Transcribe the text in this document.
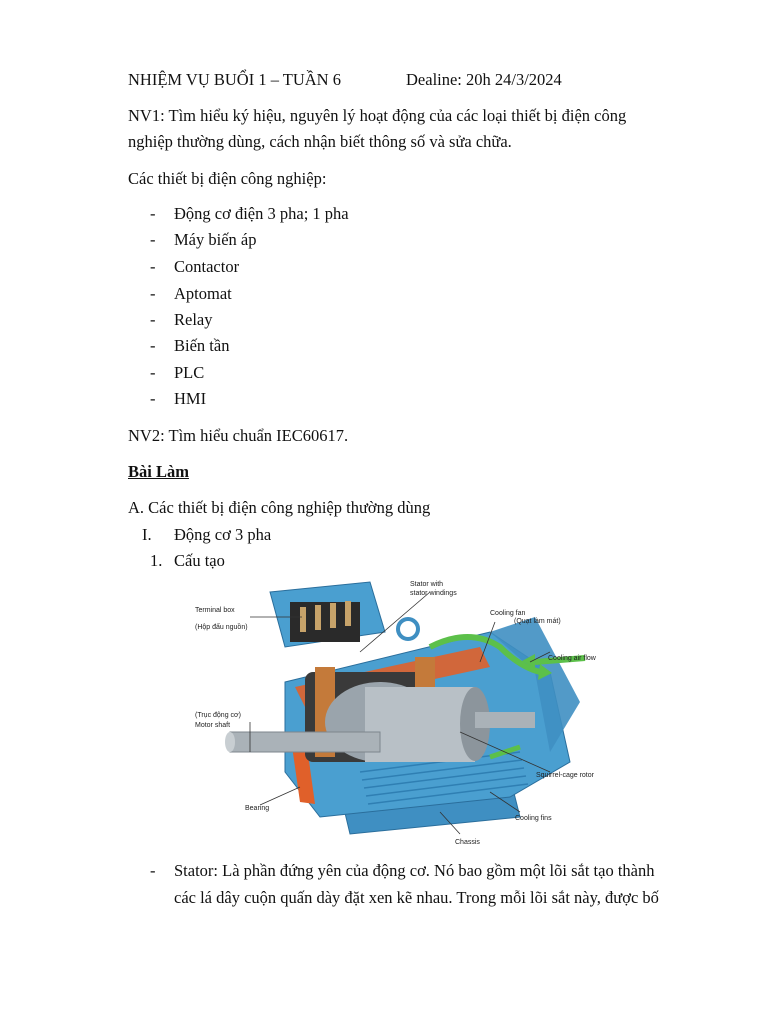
NHIỆM VỤ BUỔI 1 – TUẦN 6	Dealine: 20h 24/3/2024
NV1: Tìm hiểu ký hiệu, nguyên lý hoạt động của các loại thiết bị điện công
nghiệp thường dùng, cách nhận biết thông số và sửa chữa.
Các thiết bị điện công nghiệp:
- Động cơ điện 3 pha; 1 pha
- Máy biến áp
- Contactor
- Aptomat
- Relay
- Biến tần
- PLC
- HMI
NV2: Tìm hiểu chuẩn IEC60617.
Bài Làm
A. Các thiết bị điện công nghiệp thường dùng
I. Động cơ 3 pha
1. Cấu tạo
Terminal box
(Hộp đấu nguồn)
Stator with
stator windings
Cooling fan
(Quạt làm mát)
Cooling air flow
(Trục động cơ)
Motor shaft
Squirrel-cage rotor
Bearing
Cooling fins
Chassis
- Stator: Là phần đứng yên của động cơ. Nó bao gồm một lõi sắt tạo thành
các lá dây cuộn quấn dày đặt xen kẽ nhau. Trong mỗi lõi sắt này, được bố
